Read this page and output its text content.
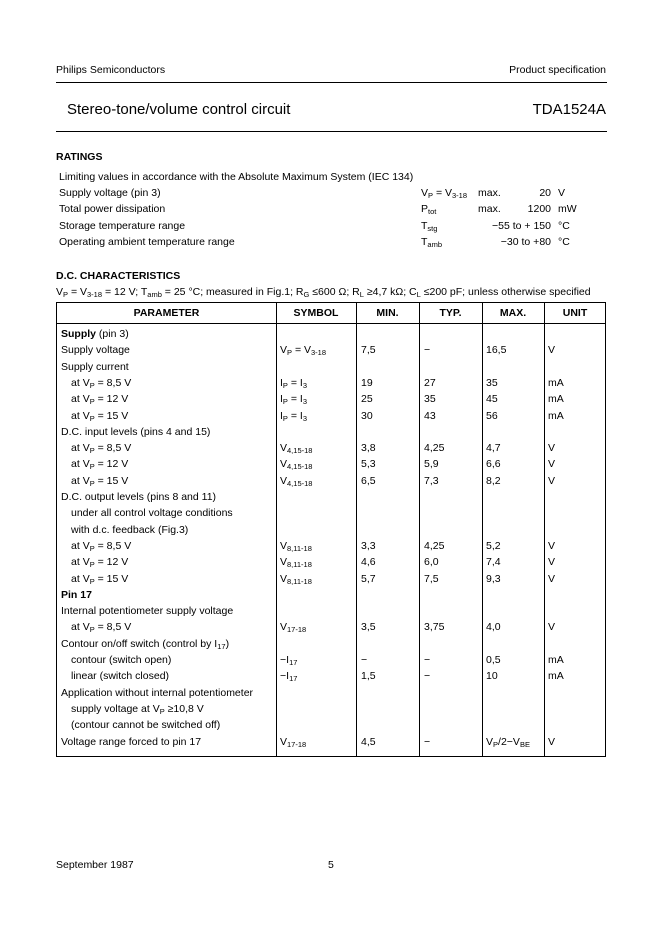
Philips Semiconductors	Product specification
Stereo-tone/volume control circuit	TDA1524A
RATINGS
Limiting values in accordance with the Absolute Maximum System (IEC 134)
Supply voltage (pin 3)	$V_P = V_{3-18}$ max.	20 V
Total power dissipation	$P_{tot}$	max.	1200 mW
Storage temperature range	$T_{stg}$	−55 to + 150 °C
Operating ambient temperature range	$T_{amb}$	−30 to +80 °C
D.C. CHARACTERISTICS
$V_P = V_{3-18} = 12$ V; $T_{amb} = 25$ °C; measured in Fig.1; $R_G \le 600$ Ω; $R_L \ge 4,7$ kΩ; $C_L \le 200$ pF; unless otherwise specified
PARAMETER	SYMBOL	MIN.	TYP.	MAX.	UNIT
Supply (pin 3)
Supply voltage	$V_P = V_{3-18}$	7,5	−	16,5	V
Supply current
at $V_P = 8,5$ V	$I_P = I_3$	19	27	35	mA
at $V_P = 12$ V	$I_P = I_3$	25	35	45	mA
at $V_P = 15$ V	$I_P = I_3$	30	43	56	mA
D.C. input levels (pins 4 and 15)
at $V_P = 8,5$ V	$V_{4,15-18}$	3,8	4,25	4,7	V
at $V_P = 12$ V	$V_{4,15-18}$	5,3	5,9	6,6	V
at $V_P = 15$ V	$V_{4,15-18}$	6,5	7,3	8,2	V
D.C. output levels (pins 8 and 11)
under all control voltage conditions
with d.c. feedback (Fig.3)
at $V_P = 8,5$ V	$V_{8,11-18}$	3,3	4,25	5,2	V
at $V_P = 12$ V	$V_{8,11-18}$	4,6	6,0	7,4	V
at $V_P = 15$ V	$V_{8,11-18}$	5,7	7,5	9,3	V
Pin 17
Internal potentiometer supply voltage
at $V_P = 8,5$ V	$V_{17-18}$	3,5	3,75	4,0	V
Contour on/off switch (control by $I_{17}$)
contour (switch open)	$-I_{17}$	−	−	0,5	mA
linear (switch closed)	$-I_{17}$	1,5	−	10	mA
Application without internal potentiometer
supply voltage at $V_P \ge 10,8$ V
(contour cannot be switched off)
Voltage range forced to pin 17	$V_{17-18}$	4,5	−	$V_P/2-V_{BE}$ V
September 1987	5
